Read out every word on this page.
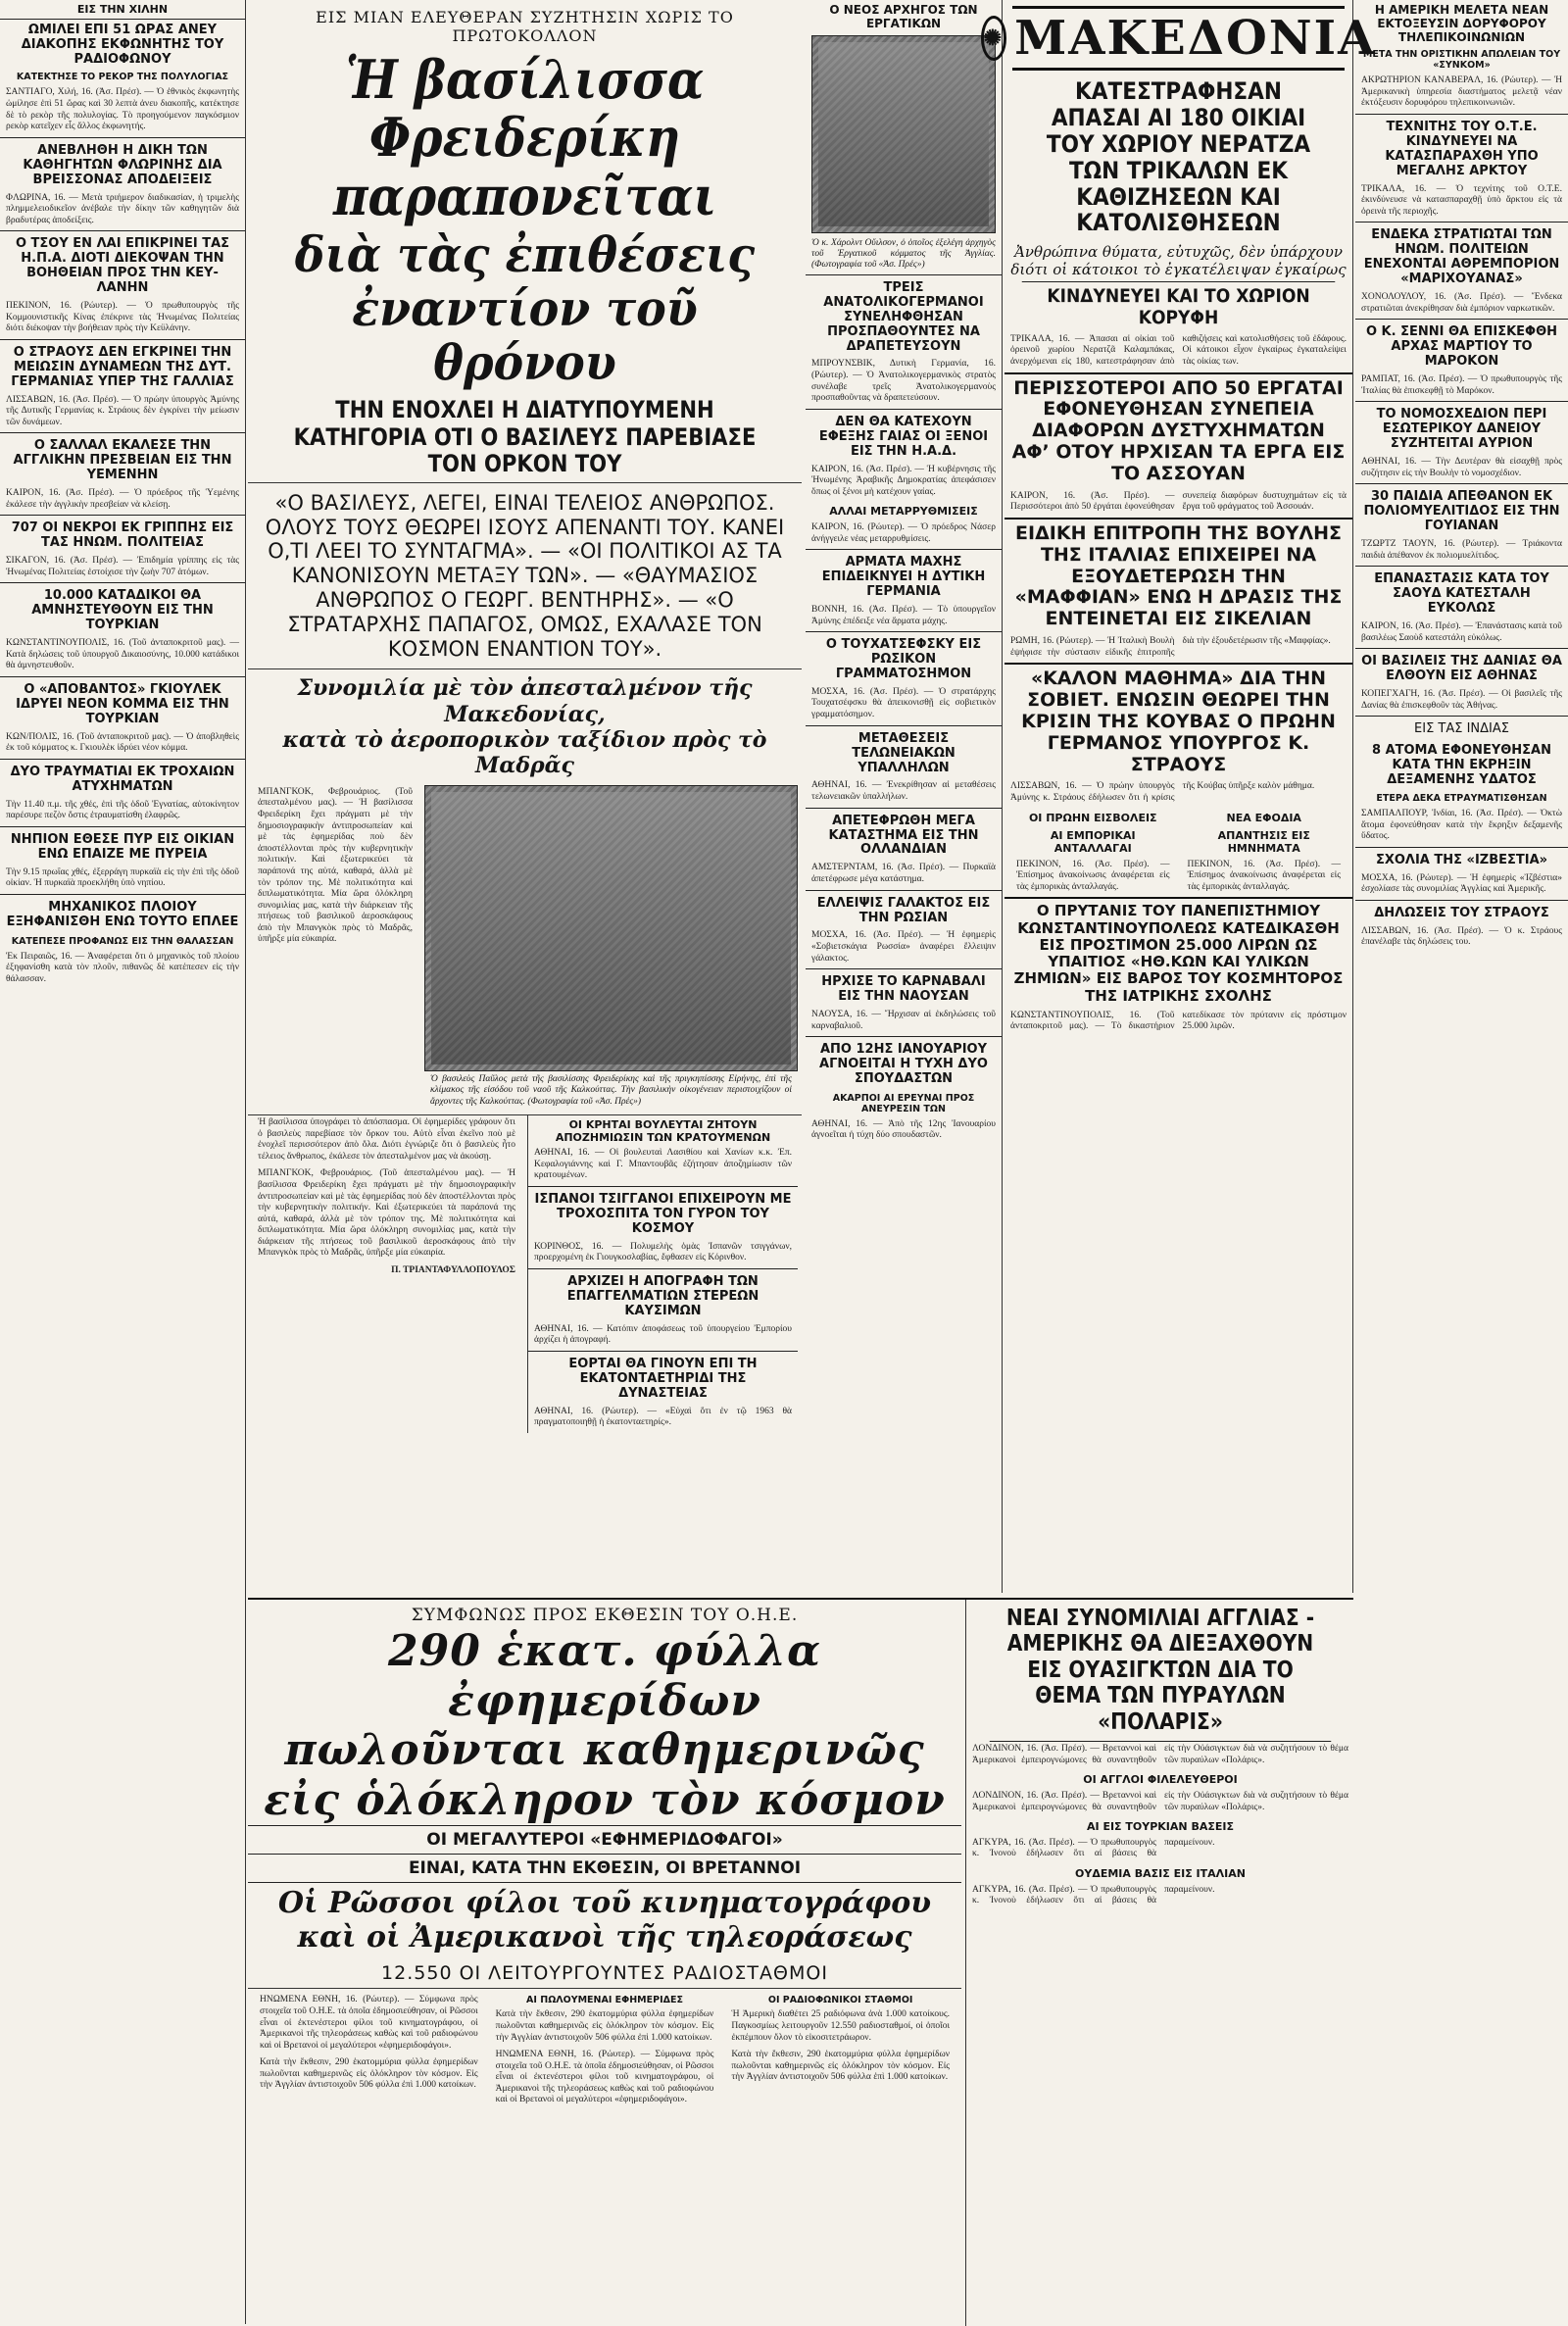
ΕΙΣ ΤΗΝ ΧΙΛΗΝ
ΩΜΙΛΕΙ ΕΠΙ 51 ΩΡΑΣ ΑΝΕΥ ΔΙΑΚΟΠΗΣ ΕΚΦΩΝΗΤΗΣ ΤΟΥ ΡΑΔΙΟΦΩΝΟΥ
ΚΑΤΕΚΤΗΣΕ ΤΟ ΡΕΚΟΡ ΤΗΣ ΠΟΛΥΛΟΓΙΑΣ
ΣΑΝΤΙΑΓΟ, Χιλή, 16. (Ἀσ. Πρέσ). — Ὁ ἐθνικὸς ἐκφωνητὴς ὡμίλησε ἐπὶ 51 ὥρας καὶ 30 λεπτὰ ἀνευ διακοπῆς, κατέκτησε δὲ τὸ ρεκὸρ τῆς πολυλογίας. Τὸ προηγούμενον παγκόσμιον ρεκὸρ κατεῖχεν εἷς ἄλλος ἐκφωνητής.
ΑΝΕΒΛΗΘΗ Η ΔΙΚΗ ΤΩΝ ΚΑΘΗΓΗΤΩΝ ΦΛΩΡΙΝΗΣ ΔΙΑ ΒΡΕΙΣΣΟΝΑΣ ΑΠΟΔΕΙΞΕΙΣ
ΦΛΩΡΙΝΑ, 16. — Μετὰ τριήμερον διαδικασίαν, ἡ τριμελὴς πλημμελειοδικεῖον ἀνέβαλε τὴν δίκην τῶν καθηγητῶν διὰ βραδυτέρας ἀποδείξεις.
Ο ΤΣΟΥ ΕΝ ΛΑΙ ΕΠΙΚΡΙΝΕΙ ΤΑΣ Η.Π.Α. ΔΙΟΤΙ ΔΙΕΚΟΨΑΝ ΤΗΝ ΒΟΗΘΕΙΑΝ ΠΡΟΣ ΤΗΝ ΚΕΥ-ΛΑΝΗΝ
ΠΕΚΙΝΟΝ, 16. (Ρώυτερ). — Ὁ πρωθυπουργὸς τῆς Κομμουνιστικῆς Κίνας ἐπέκρινε τὰς Ἡνωμένας Πολιτείας διότι διέκοψαν τὴν βοήθειαν πρὸς τὴν Κεϋλάνην.
Ο ΣΤΡΑΟΥΣ ΔΕΝ ΕΓΚΡΙΝΕΙ ΤΗΝ ΜΕΙΩΣΙΝ ΔΥΝΑΜΕΩΝ ΤΗΣ ΔΥΤ. ΓΕΡΜΑΝΙΑΣ ΥΠΕΡ ΤΗΣ ΓΑΛΛΙΑΣ
ΛΙΣΣΑΒΩΝ, 16. (Ἀσ. Πρέσ). — Ὁ πρώην ὑπουργὸς Ἀμύνης τῆς Δυτικῆς Γερμανίας κ. Στράους δὲν ἐγκρίνει τὴν μείωσιν τῶν δυνάμεων.
Ο ΣΑΛΛΑΛ ΕΚΑΛΕΣΕ ΤΗΝ ΑΓΓΛΙΚΗΝ ΠΡΕΣΒΕΙΑΝ ΕΙΣ ΤΗΝ ΥΕΜΕΝΗΝ
ΚΑΙΡΟΝ, 16. (Ἀσ. Πρέσ). — Ὁ πρόεδρος τῆς Ὑεμένης ἐκάλεσε τὴν ἀγγλικὴν πρεσβείαν νὰ κλείσῃ.
707 ΟΙ ΝΕΚΡΟΙ ΕΚ ΓΡΙΠΠΗΣ ΕΙΣ ΤΑΣ ΗΝΩΜ. ΠΟΛΙΤΕΙΑΣ
ΣΙΚΑΓΟΝ, 16. (Ἀσ. Πρέσ). — Ἐπιδημία γρίππης εἰς τὰς Ἡνωμένας Πολιτείας ἐστοίχισε τὴν ζωὴν 707 ἀτόμων.
10.000 ΚΑΤΑΔΙΚΟΙ ΘΑ ΑΜΝΗΣΤΕΥΘΟΥΝ ΕΙΣ ΤΗΝ ΤΟΥΡΚΙΑΝ
ΚΩΝΣΤΑΝΤΙΝΟΥΠΟΛΙΣ, 16. (Τοῦ ἀνταποκριτοῦ μας). — Κατὰ δηλώσεις τοῦ ὑπουργοῦ Δικαιοσύνης, 10.000 κατάδικοι θὰ ἀμνηστευθοῦν.
Ο «ΑΠΟΒΑΝΤΟΣ» ΓΚΙΟΥΛΕΚ ΙΔΡΥΕΙ ΝΕΟΝ ΚΟΜΜΑ ΕΙΣ ΤΗΝ ΤΟΥΡΚΙΑΝ
ΚΩΝ/ΠΟΛΙΣ, 16. (Τοῦ ἀνταποκριτοῦ μας). — Ὁ ἀποβληθεὶς ἐκ τοῦ κόμματος κ. Γκιουλὲκ ἱδρύει νέον κόμμα.
ΔΥΟ ΤΡΑΥΜΑΤΙΑΙ ΕΚ ΤΡΟΧΑΙΩΝ ΑΤΥΧΗΜΑΤΩΝ
Τὴν 11.40 π.μ. τῆς χθές, ἐπὶ τῆς ὁδοῦ Ἐγνατίας, αὐτοκίνητον παρέσυρε πεζὸν ὅστις ἐτραυματίσθη ἐλαφρῶς.
ΝΗΠΙΟΝ ΕΘΕΣΕ ΠΥΡ ΕΙΣ ΟΙΚΙΑΝ ΕΝΩ ΕΠΑΙΖΕ ΜΕ ΠΥΡΕΙΑ
Τὴν 9.15 πρωΐας χθές, ἐξερράγη πυρκαϊὰ εἰς τὴν ἐπὶ τῆς ὁδοῦ οἰκίαν. Ἡ πυρκαϊὰ προεκλήθη ὑπὸ νηπίου.
ΜΗΧΑΝΙΚΟΣ ΠΛΟΙΟΥ ΕΞΗΦΑΝΙΣΘΗ ΕΝΩ ΤΟΥΤΟ ΕΠΛΕΕ
ΚΑΤΕΠΕΣΕ ΠΡΟΦΑΝΩΣ ΕΙΣ ΤΗΝ ΘΑΛΑΣΣΑΝ
Ἐκ Πειραιῶς, 16. — Ἀναφέρεται ὅτι ὁ μηχανικὸς τοῦ πλοίου ἐξηφανίσθη κατὰ τὸν πλοῦν, πιθανῶς δὲ κατέπεσεν εἰς τὴν θάλασσαν.
ΕΙΣ ΜΙΑΝ ΕΛΕΥΘΕΡΑΝ ΣΥΖΗΤΗΣΙΝ ΧΩΡΙΣ ΤΟ ΠΡΩΤΟΚΟΛΛΟΝ
Ἡ βασίλισσα Φρειδερίκη παραπονεῖται
διὰ τὰς ἐπιθέσεις ἐναντίον τοῦ θρόνου
ΤΗΝ ΕΝΟΧΛΕΙ Η ΔΙΑΤΥΠΟΥΜΕΝΗ ΚΑΤΗΓΟΡΙΑ ΟΤΙ Ο ΒΑΣΙΛΕΥΣ ΠΑΡΕΒΙΑΣΕ ΤΟΝ ΟΡΚΟΝ ΤΟΥ
«Ο ΒΑΣΙΛΕΥΣ, ΛΕΓΕΙ, ΕΙΝΑΙ ΤΕΛΕΙΟΣ ΑΝΘΡΩΠΟΣ. ΟΛΟΥΣ ΤΟΥΣ ΘΕΩΡΕΙ ΙΣΟΥΣ ΑΠΕΝΑΝΤΙ ΤΟΥ. ΚΑΝΕΙ Ο,ΤΙ ΛΕΕΙ ΤΟ ΣΥΝΤΑΓΜΑ». — «ΟΙ ΠΟΛΙΤΙΚΟΙ ΑΣ ΤΑ ΚΑΝΟΝΙΣΟΥΝ ΜΕΤΑΞΥ ΤΩΝ». — «ΘΑΥΜΑΣΙΟΣ ΑΝΘΡΩΠΟΣ Ο ΓΕΩΡΓ. ΒΕΝΤΗΡΗΣ». — «Ο ΣΤΡΑΤΑΡΧΗΣ ΠΑΠΑΓΟΣ, ΟΜΩΣ, ΕΧΑΛΑΣΕ ΤΟΝ ΚΟΣΜΟΝ ΕΝΑΝΤΙΟΝ ΤΟΥ».
Συνομιλία μὲ τὸν ἀπεσταλμένον τῆς Μακεδονίας,
κατὰ τὸ ἀεροπορικὸν ταξίδιον πρὸς τὸ Μαδρᾶς
ΜΠΑΝΓΚΟΚ, Φεβρουάριος. (Τοῦ ἀπεσταλμένου μας). — Ἡ βασίλισσα Φρειδερίκη ἔχει πράγματι μὲ τὴν δημοσιογραφικὴν ἀντιπροσωπείαν καὶ μὲ τὰς ἐφημερίδας ποὺ δὲν ἀποστέλλονται πρὸς τὴν κυβερνητικὴν πολιτικήν. Καὶ ἐξωτερικεύει τὰ παράπονά της αὐτά, καθαρά, ἀλλὰ μὲ τὸν τρόπον της. Μὲ πολιτικότητα καὶ διπλωματικότητα. Μία ὥρα ὁλόκληρη συνομιλίας μας, κατὰ τὴν διάρκειαν τῆς πτήσεως τοῦ βασιλικοῦ ἀεροσκάφους ἀπὸ τὴν Μπανγκὸκ πρὸς τὸ Μαδρᾶς, ὑπῆρξε μία εὐκαιρία.
Ὁ βασιλεὺς Παῦλος μετὰ τῆς βασιλίσσης Φρειδερίκης καὶ τῆς πριγκηπίσσης Εἰρήνης, ἐπὶ τῆς κλίμακος τῆς εἰσόδου τοῦ ναοῦ τῆς Καλκούττας. Τὴν βασιλικὴν οἰκογένειαν περιστοιχίζουν οἱ ἄρχοντες τῆς Καλκούττας. (Φωτογραφία τοῦ «Ἀσ. Πρές»)
Ἡ βασίλισσα ὑπογράφει τὸ ἀπόσπασμα. Οἱ ἐφημερίδες γράφουν ὅτι ὁ βασιλεὺς παρεβίασε τὸν ὅρκον του. Αὐτὸ εἶναι ἐκεῖνο ποὺ μὲ ἐνοχλεῖ περισσότερον ἀπὸ ὅλα. Διότι ἐγνώριζε ὅτι ὁ βασιλεὺς ἦτο τέλειος ἄνθρωπος, ἐκάλεσε τὸν ἀπεσταλμένον μας νὰ ἀκούσῃ.
ΜΠΑΝΓΚΟΚ, Φεβρουάριος. (Τοῦ ἀπεσταλμένου μας). — Ἡ βασίλισσα Φρειδερίκη ἔχει πράγματι μὲ τὴν δημοσιογραφικὴν ἀντιπροσωπείαν καὶ μὲ τὰς ἐφημερίδας ποὺ δὲν ἀποστέλλονται πρὸς τὴν κυβερνητικὴν πολιτικήν. Καὶ ἐξωτερικεύει τὰ παράπονά της αὐτά, καθαρά, ἀλλὰ μὲ τὸν τρόπον της. Μὲ πολιτικότητα καὶ διπλωματικότητα. Μία ὥρα ὁλόκληρη συνομιλίας μας, κατὰ τὴν διάρκειαν τῆς πτήσεως τοῦ βασιλικοῦ ἀεροσκάφους ἀπὸ τὴν Μπανγκὸκ πρὸς τὸ Μαδρᾶς, ὑπῆρξε μία εὐκαιρία.
Π. ΤΡΙΑΝΤΑΦΥΛΛΟΠΟΥΛΟΣ
ΟΙ ΚΡΗΤΑΙ ΒΟΥΛΕΥΤΑΙ ΖΗΤΟΥΝ ΑΠΟΖΗΜΙΩΣΙΝ ΤΩΝ ΚΡΑΤΟΥΜΕΝΩΝ
ΑΘΗΝΑΙ, 16. — Οἱ βουλευταὶ Λασιθίου καὶ Χανίων κ.κ. Ἐπ. Κεφαλογιάννης καὶ Γ. Μπαντουβᾶς ἐζήτησαν ἀποζημίωσιν τῶν κρατουμένων.
ΙΣΠΑΝΟΙ ΤΣΙΓΓΑΝΟΙ ΕΠΙΧΕΙΡΟΥΝ ΜΕ ΤΡΟΧΟΣΠΙΤΑ ΤΟΝ ΓΥΡΟΝ ΤΟΥ ΚΟΣΜΟΥ
ΚΟΡΙΝΘΟΣ, 16. — Πολυμελὴς ὁμὰς Ἰσπανῶν τσιγγάνων, προερχομένη ἐκ Γιουγκοσλαβίας, ἔφθασεν εἰς Κόρινθον.
ΑΡΧΙΖΕΙ Η ΑΠΟΓΡΑΦΗ ΤΩΝ ΕΠΑΓΓΕΛΜΑΤΙΩΝ ΣΤΕΡΕΩΝ ΚΑΥΣΙΜΩΝ
ΑΘΗΝΑΙ, 16. — Κατόπιν ἀποφάσεως τοῦ ὑπουργείου Ἐμπορίου ἀρχίζει ἡ ἀπογραφή.
ΕΟΡΤΑΙ ΘΑ ΓΙΝΟΥΝ ΕΠΙ ΤΗ ΕΚΑΤΟΝΤΑΕΤΗΡΙΔΙ ΤΗΣ ΔΥΝΑΣΤΕΙΑΣ
ΑΘΗΝΑΙ, 16. (Ρώυτερ). — «Εὐχαὶ ὅτι ἐν τῷ 1963 θὰ πραγματοποιηθῇ ἡ ἐκατονταετηρίς».
Ο ΝΕΟΣ ΑΡΧΗΓΟΣ ΤΩΝ ΕΡΓΑΤΙΚΩΝ
Ὁ κ. Χάρολντ Οὔιλσον, ὁ ὁποῖος ἐξελέγη ἀρχηγὸς τοῦ Ἐργατικοῦ κόμματος τῆς Ἀγγλίας. (Φωτογραφία τοῦ «Ἀσ. Πρές»)
ΤΡΕΙΣ ΑΝΑΤΟΛΙΚΟΓΕΡΜΑΝΟΙ ΣΥΝΕΛΗΦΘΗΣΑΝ ΠΡΟΣΠΑΘΟΥΝΤΕΣ ΝΑ ΔΡΑΠΕΤΕΥΣΟΥΝ
ΜΠΡΟΥΝΣΒΙΚ, Δυτικὴ Γερμανία, 16. (Ρώυτερ). — Ὁ Ἀνατολικογερμανικὸς στρατὸς συνέλαβε τρεῖς Ἀνατολικογερμανοὺς προσπαθοῦντας νὰ δραπετεύσουν.
ΔΕΝ ΘΑ ΚΑΤΕΧΟΥΝ ΕΦΕΞΗΣ ΓΑΙΑΣ ΟΙ ΞΕΝΟΙ ΕΙΣ ΤΗΝ Η.Α.Δ.
ΚΑΙΡΟΝ, 16. (Ἀσ. Πρέσ). — Ἡ κυβέρνησις τῆς Ἡνωμένης Ἀραβικῆς Δημοκρατίας ἀπεφάσισεν ὅπως οἱ ξένοι μὴ κατέχουν γαίας.
ΑΛΛΑΙ ΜΕΤΑΡΡΥΘΜΙΣΕΙΣ
ΚΑΙΡΟΝ, 16. (Ρώυτερ). — Ὁ πρόεδρος Νάσερ ἀνήγγειλε νέας μεταρρυθμίσεις.
ΑΡΜΑΤΑ ΜΑΧΗΣ ΕΠΙΔΕΙΚΝΥΕΙ Η ΔΥΤΙΚΗ ΓΕΡΜΑΝΙΑ
ΒΟΝΝΗ, 16. (Ἀσ. Πρέσ). — Τὸ ὑπουργεῖον Ἀμύνης ἐπέδειξε νέα ἅρματα μάχης.
Ο ΤΟΥΧΑΤΣΕΦΣΚΥ ΕΙΣ ΡΩΣΙΚΟΝ ΓΡΑΜΜΑΤΟΣΗΜΟΝ
ΜΟΣΧΑ, 16. (Ἀσ. Πρέσ). — Ὁ στρατάρχης Τουχατσέφσκυ θὰ ἀπεικονισθῇ εἰς σοβιετικὸν γραμματόσημον.
ΜΕΤΑΘΕΣΕΙΣ ΤΕΛΩΝΕΙΑΚΩΝ ΥΠΑΛΛΗΛΩΝ
ΑΘΗΝΑΙ, 16. — Ἐνεκρίθησαν αἱ μεταθέσεις τελωνειακῶν ὑπαλλήλων.
ΑΠΕΤΕΦΡΩΘΗ ΜΕΓΑ ΚΑΤΑΣΤΗΜΑ ΕΙΣ ΤΗΝ ΟΛΛΑΝΔΙΑΝ
ΑΜΣΤΕΡΝΤΑΜ, 16. (Ἀσ. Πρέσ). — Πυρκαϊὰ ἀπετέφρωσε μέγα κατάστημα.
ΕΛΛΕΙΨΙΣ ΓΑΛΑΚΤΟΣ ΕΙΣ ΤΗΝ ΡΩΣΙΑΝ
ΜΟΣΧΑ, 16. (Ἀσ. Πρέσ). — Ἡ ἐφημερὶς «Σοβιετσκάγια Ρωσσία» ἀναφέρει ἔλλειψιν γάλακτος.
ΗΡΧΙΣΕ ΤΟ ΚΑΡΝΑΒΑΛΙ ΕΙΣ ΤΗΝ ΝΑΟΥΣΑΝ
ΝΑΟΥΣΑ, 16. — Ἤρχισαν αἱ ἐκδηλώσεις τοῦ καρναβαλιοῦ.
ΑΠΟ 12ΗΣ ΙΑΝΟΥΑΡΙΟΥ ΑΓΝΟΕΙΤΑΙ Η ΤΥΧΗ ΔΥΟ ΣΠΟΥΔΑΣΤΩΝ
ΑΚΑΡΠΟΙ ΑΙ ΕΡΕΥΝΑΙ ΠΡΟΣ ΑΝΕΥΡΕΣΙΝ ΤΩΝ
ΑΘΗΝΑΙ, 16. — Ἀπὸ τῆς 12ης Ἰανουαρίου ἀγνοεῖται ἡ τύχη δύο σπουδαστῶν.
✺ ΜΑΚΕΔΟΝΙΑ
ΚΑΤΕΣΤΡΑΦΗΣΑΝ ΑΠΑΣΑΙ ΑΙ 180 ΟΙΚΙΑΙ ΤΟΥ ΧΩΡΙΟΥ ΝΕΡΑΤΖΑ ΤΩΝ ΤΡΙΚΑΛΩΝ ΕΚ ΚΑΘΙΖΗΣΕΩΝ ΚΑΙ ΚΑΤΟΛΙΣΘΗΣΕΩΝ
Ἀνθρώπινα θύματα, εὐτυχῶς, δὲν ὑπάρχουν διότι οἱ κάτοικοι τὸ ἐγκατέλειψαν ἐγκαίρως
ΚΙΝΔΥΝΕΥΕΙ ΚΑΙ ΤΟ ΧΩΡΙΟΝ ΚΟΡΥΦΗ
ΤΡΙΚΑΛΑ, 16. — Ἀπασαι αἱ οἰκίαι τοῦ ὀρεινοῦ χωρίου Νερατζᾶ Καλαμπάκας, ἀνερχόμεναι εἰς 180, κατεστράφησαν ἀπὸ καθιζήσεις καὶ κατολισθήσεις τοῦ ἐδάφους. Οἱ κάτοικοι εἶχον ἐγκαίρως ἐγκαταλείψει τὰς οἰκίας των.
ΠΕΡΙΣΣΟΤΕΡΟΙ ΑΠΟ 50 ΕΡΓΑΤΑΙ ΕΦΟΝΕΥΘΗΣΑΝ ΣΥΝΕΠΕΙΑ ΔΙΑΦΟΡΩΝ ΔΥΣΤΥΧΗΜΑΤΩΝ ΑΦ’ ΟΤΟΥ ΗΡΧΙΣΑΝ ΤΑ ΕΡΓΑ ΕΙΣ ΤΟ ΑΣΣΟΥΑΝ
ΚΑΙΡΟΝ, 16. (Ἀσ. Πρέσ). — Περισσότεροι ἀπὸ 50 ἐργάται ἐφονεύθησαν συνεπείᾳ διαφόρων δυστυχημάτων εἰς τὰ ἔργα τοῦ φράγματος τοῦ Ἀσσουάν.
ΕΙΔΙΚΗ ΕΠΙΤΡΟΠΗ ΤΗΣ ΒΟΥΛΗΣ ΤΗΣ ΙΤΑΛΙΑΣ ΕΠΙΧΕΙΡΕΙ ΝΑ ΕΞΟΥΔΕΤΕΡΩΣΗ ΤΗΝ «ΜΑΦΦΙΑΝ» ΕΝΩ Η ΔΡΑΣΙΣ ΤΗΣ ΕΝΤΕΙΝΕΤΑΙ ΕΙΣ ΣΙΚΕΛΙΑΝ
ΡΩΜΗ, 16. (Ρώυτερ). — Ἡ Ἰταλικὴ Βουλὴ ἐψήφισε τὴν σύστασιν εἰδικῆς ἐπιτροπῆς διὰ τὴν ἐξουδετέρωσιν τῆς «Μαφφίας».
«ΚΑΛΟΝ ΜΑΘΗΜΑ» ΔΙΑ ΤΗΝ ΣΟΒΙΕΤ. ΕΝΩΣΙΝ ΘΕΩΡΕΙ ΤΗΝ ΚΡΙΣΙΝ ΤΗΣ ΚΟΥΒΑΣ Ο ΠΡΩΗΝ ΓΕΡΜΑΝΟΣ ΥΠΟΥΡΓΟΣ Κ. ΣΤΡΑΟΥΣ
ΛΙΣΣΑΒΩΝ, 16. — Ὁ πρώην ὑπουργὸς Ἀμύνης κ. Στράους ἐδήλωσεν ὅτι ἡ κρίσις τῆς Κούβας ὑπῆρξε καλὸν μάθημα.
ΟΙ ΠΡΩΗΝ ΕΙΣΒΟΛΕΙΣ
ΑΙ ΕΜΠΟΡΙΚΑΙ ΑΝΤΑΛΛΑΓΑΙ
ΠΕΚΙΝΟΝ, 16. (Ἀσ. Πρέσ). — Ἐπίσημος ἀνακοίνωσις ἀναφέρεται εἰς τὰς ἐμπορικὰς ἀνταλλαγάς.
ΝΕΑ ΕΦΟΔΙΑ
ΑΠΑΝΤΗΣΙΣ ΕΙΣ ΗΜΝΗΜΑΤΑ
ΠΕΚΙΝΟΝ, 16. (Ἀσ. Πρέσ). — Ἐπίσημος ἀνακοίνωσις ἀναφέρεται εἰς τὰς ἐμπορικὰς ἀνταλλαγάς.
Ο ΠΡΥΤΑΝΙΣ ΤΟΥ ΠΑΝΕΠΙΣΤΗΜΙΟΥ ΚΩΝΣΤΑΝΤΙΝΟΥΠΟΛΕΩΣ ΚΑΤΕΔΙΚΑΣΘΗ ΕΙΣ ΠΡΟΣΤΙΜΟΝ 25.000 ΛΙΡΩΝ ΩΣ ΥΠΑΙΤΙΟΣ «ΗΘ.ΚΩΝ ΚΑΙ ΥΛΙΚΩΝ ΖΗΜΙΩΝ» ΕΙΣ ΒΑΡΟΣ ΤΟΥ ΚΟΣΜΗΤΟΡΟΣ ΤΗΣ ΙΑΤΡΙΚΗΣ ΣΧΟΛΗΣ
ΚΩΝΣΤΑΝΤΙΝΟΥΠΟΛΙΣ, 16. (Τοῦ ἀνταποκριτοῦ μας). — Τὸ δικαστήριον κατεδίκασε τὸν πρύτανιν εἰς πρόστιμον 25.000 λιρῶν.
Η ΑΜΕΡΙΚΗ ΜΕΛΕΤΑ ΝΕΑΝ ΕΚΤΟΞΕΥΣΙΝ ΔΟΡΥΦΟΡΟΥ ΤΗΛΕΠΙΚΟΙΝΩΝΙΩΝ
ΜΕΤΑ ΤΗΝ ΟΡΙΣΤΙΚΗΝ ΑΠΩΛΕΙΑΝ ΤΟΥ «ΣΥΝΚΟΜ»
ΑΚΡΩΤΗΡΙΟΝ ΚΑΝΑΒΕΡΑΛ, 16. (Ρώυτερ). — Ἡ Ἀμερικανικὴ ὑπηρεσία διαστήματος μελετᾷ νέαν ἐκτόξευσιν δορυφόρου τηλεπικοινωνιῶν.
ΤΕΧΝΙΤΗΣ ΤΟΥ Ο.Τ.Ε. ΚΙΝΔΥΝΕΥΕΙ ΝΑ ΚΑΤΑΣΠΑΡΑΧΘΗ ΥΠΟ ΜΕΓΑΛΗΣ ΑΡΚΤΟΥ
ΤΡΙΚΑΛΑ, 16. — Ὁ τεχνίτης τοῦ Ο.Τ.Ε. ἐκινδύνευσε νὰ κατασπαραχθῇ ὑπὸ ἄρκτου εἰς τὰ ὀρεινὰ τῆς περιοχῆς.
ΕΝΔΕΚΑ ΣΤΡΑΤΙΩΤΑΙ ΤΩΝ ΗΝΩΜ. ΠΟΛΙΤΕΙΩΝ ΕΝΕΧΟΝΤΑΙ ΑΘΡΕΜΠΟΡΙΟΝ «ΜΑΡΙΧΟΥΑΝΑΣ»
ΧΟΝΟΛΟΥΛΟΥ, 16. (Ἀσ. Πρέσ). — Ἕνδεκα στρατιῶται ἀνεκρίθησαν διὰ ἐμπόριον ναρκωτικῶν.
Ο Κ. ΣΕΝΝΙ ΘΑ ΕΠΙΣΚΕΦΘΗ ΑΡΧΑΣ ΜΑΡΤΙΟΥ ΤΟ ΜΑΡΟΚΟΝ
ΡΑΜΠΑΤ, 16. (Ἀσ. Πρέσ). — Ὁ πρωθυπουργὸς τῆς Ἰταλίας θὰ ἐπισκεφθῇ τὸ Μαρόκον.
ΤΟ ΝΟΜΟΣΧΕΔΙΟΝ ΠΕΡΙ ΕΣΩΤΕΡΙΚΟΥ ΔΑΝΕΙΟΥ ΣΥΖΗΤΕΙΤΑΙ ΑΥΡΙΟΝ
ΑΘΗΝΑΙ, 16. — Τὴν Δευτέραν θὰ εἰσαχθῇ πρὸς συζήτησιν εἰς τὴν Βουλὴν τὸ νομοσχέδιον.
30 ΠΑΙΔΙΑ ΑΠΕΘΑΝΟΝ ΕΚ ΠΟΛΙΟΜΥΕΛΙΤΙΔΟΣ ΕΙΣ ΤΗΝ ΓΟΥΙΑΝΑΝ
ΤΖΩΡΤΖ ΤΑΟΥΝ, 16. (Ρώυτερ). — Τριάκοντα παιδιὰ ἀπέθανον ἐκ πολιομυελίτιδος.
ΕΠΑΝΑΣΤΑΣΙΣ ΚΑΤΑ ΤΟΥ ΣΑΟΥΔ ΚΑΤΕΣΤΑΛΗ ΕΥΚΟΛΩΣ
ΚΑΙΡΟΝ, 16. (Ἀσ. Πρέσ). — Ἐπανάστασις κατὰ τοῦ βασιλέως Σαοὺδ κατεστάλη εὐκόλως.
ΟΙ ΒΑΣΙΛΕΙΣ ΤΗΣ ΔΑΝΙΑΣ ΘΑ ΕΛΘΟΥΝ ΕΙΣ ΑΘΗΝΑΣ
ΚΟΠΕΓΧΑΓΗ, 16. (Ἀσ. Πρέσ). — Οἱ βασιλεῖς τῆς Δανίας θὰ ἐπισκεφθοῦν τὰς Ἀθήνας.
ΕΙΣ ΤΑΣ ΙΝΔΙΑΣ
8 ΑΤΟΜΑ ΕΦΟΝΕΥΘΗΣΑΝ ΚΑΤΑ ΤΗΝ ΕΚΡΗΞΙΝ ΔΕΞΑΜΕΝΗΣ ΥΔΑΤΟΣ
ΕΤΕΡΑ ΔΕΚΑ ΕΤΡΑΥΜΑΤΙΣΘΗΣΑΝ
ΣΑΜΠΑΛΠΟΥΡ, Ἰνδίαι, 16. (Ἀσ. Πρέσ). — Ὀκτὼ ἄτομα ἐφονεύθησαν κατὰ τὴν ἔκρηξιν δεξαμενῆς ὕδατος.
ΣΧΟΛΙΑ ΤΗΣ «ΙΖΒΕΣΤΙΑ»
ΜΟΣΧΑ, 16. (Ρώυτερ). — Ἡ ἐφημερὶς «Ἰζβέστια» ἐσχολίασε τὰς συνομιλίας Ἀγγλίας καὶ Ἀμερικῆς.
ΔΗΛΩΣΕΙΣ ΤΟΥ ΣΤΡΑΟΥΣ
ΛΙΣΣΑΒΩΝ, 16. (Ἀσ. Πρέσ). — Ὁ κ. Στράους ἐπανέλαβε τὰς δηλώσεις του.
ΣΥΜΦΩΝΩΣ ΠΡΟΣ ΕΚΘΕΣΙΝ ΤΟΥ Ο.Η.Ε.
290 ἑκατ. φύλλα ἐφημερίδων
πωλοῦνται καθημερινῶς
εἰς ὁλόκληρον τὸν κόσμον
ΟΙ ΜΕΓΑΛΥΤΕΡΟΙ «ΕΦΗΜΕΡΙΔΟΦΑΓΟΙ»
ΕΙΝΑΙ, ΚΑΤΑ ΤΗΝ ΕΚΘΕΣΙΝ, ΟΙ ΒΡΕΤΑΝΝΟΙ
Οἱ Ρῶσσοι φίλοι τοῦ κινηματογράφου
καὶ οἱ Ἀμερικανοὶ τῆς τηλεοράσεως
12.550 ΟΙ ΛΕΙΤΟΥΡΓΟΥΝΤΕΣ ΡΑΔΙΟΣΤΑΘΜΟΙ
ΗΝΩΜΕΝΑ ΕΘΝΗ, 16. (Ρώυτερ). — Σύμφωνα πρὸς στοιχεῖα τοῦ Ο.Η.Ε. τὰ ὁποῖα ἐδημοσιεύθησαν, οἱ Ρῶσσοι εἶναι οἱ ἐκτενέστεροι φίλοι τοῦ κινηματογράφου, οἱ Ἀμερικανοὶ τῆς τηλεοράσεως καθὼς καὶ τοῦ ραδιοφώνου καὶ οἱ Βρετανοὶ οἱ μεγαλύτεροι «ἐφημεριδοφάγοι».
Κατὰ τὴν ἔκθεσιν, 290 ἑκατομμύρια φύλλα ἐφημερίδων πωλοῦνται καθημερινῶς εἰς ὁλόκληρον τὸν κόσμον. Εἰς τὴν Ἀγγλίαν ἀντιστοιχοῦν 506 φύλλα ἐπὶ 1.000 κατοίκων.
ΑΙ ΠΩΛΟΥΜΕΝΑΙ ΕΦΗΜΕΡΙΔΕΣ
Κατὰ τὴν ἔκθεσιν, 290 ἑκατομμύρια φύλλα ἐφημερίδων πωλοῦνται καθημερινῶς εἰς ὁλόκληρον τὸν κόσμον. Εἰς τὴν Ἀγγλίαν ἀντιστοιχοῦν 506 φύλλα ἐπὶ 1.000 κατοίκων.
ΗΝΩΜΕΝΑ ΕΘΝΗ, 16. (Ρώυτερ). — Σύμφωνα πρὸς στοιχεῖα τοῦ Ο.Η.Ε. τὰ ὁποῖα ἐδημοσιεύθησαν, οἱ Ρῶσσοι εἶναι οἱ ἐκτενέστεροι φίλοι τοῦ κινηματογράφου, οἱ Ἀμερικανοὶ τῆς τηλεοράσεως καθὼς καὶ τοῦ ραδιοφώνου καὶ οἱ Βρετανοὶ οἱ μεγαλύτεροι «ἐφημεριδοφάγοι».
ΟΙ ΡΑΔΙΟΦΩΝΙΚΟΙ ΣΤΑΘΜΟΙ
Ἡ Ἀμερικὴ διαθέτει 25 ραδιόφωνα ἀνὰ 1.000 κατοίκους. Παγκοσμίως λειτουργοῦν 12.550 ραδιοσταθμοί, οἱ ὁποῖοι ἐκπέμπουν ὅλον τὸ εἰκοσιτετράωρον.
Κατὰ τὴν ἔκθεσιν, 290 ἑκατομμύρια φύλλα ἐφημερίδων πωλοῦνται καθημερινῶς εἰς ὁλόκληρον τὸν κόσμον. Εἰς τὴν Ἀγγλίαν ἀντιστοιχοῦν 506 φύλλα ἐπὶ 1.000 κατοίκων.
ΝΕΑΙ ΣΥΝΟΜΙΛΙΑΙ ΑΓΓΛΙΑΣ - ΑΜΕΡΙΚΗΣ ΘΑ ΔΙΕΞΑΧΘΟΥΝ ΕΙΣ ΟΥΑΣΙΓΚΤΩΝ ΔΙΑ ΤΟ ΘΕΜΑ ΤΩΝ ΠΥΡΑΥΛΩΝ «ΠΟΛΑΡΙΣ»
ΛΟΝΔΙΝΟΝ, 16. (Ἀσ. Πρέσ). — Βρεταννοὶ καὶ Ἀμερικανοὶ ἐμπειρογνώμονες θὰ συναντηθοῦν εἰς τὴν Οὐάσιγκτων διὰ νὰ συζητήσουν τὸ θέμα τῶν πυραύλων «Πολάρις».
ΟΙ ΑΓΓΛΟΙ ΦΙΛΕΛΕΥΘΕΡΟΙ
ΛΟΝΔΙΝΟΝ, 16. (Ἀσ. Πρέσ). — Βρεταννοὶ καὶ Ἀμερικανοὶ ἐμπειρογνώμονες θὰ συναντηθοῦν εἰς τὴν Οὐάσιγκτων διὰ νὰ συζητήσουν τὸ θέμα τῶν πυραύλων «Πολάρις».
ΑΙ ΕΙΣ ΤΟΥΡΚΙΑΝ ΒΑΣΕΙΣ
ΑΓΚΥΡΑ, 16. (Ἀσ. Πρέσ). — Ὁ πρωθυπουργὸς κ. Ἰνονοὺ ἐδήλωσεν ὅτι αἱ βάσεις θὰ παραμείνουν.
ΟΥΔΕΜΙΑ ΒΑΣΙΣ ΕΙΣ ΙΤΑΛΙΑΝ
ΑΓΚΥΡΑ, 16. (Ἀσ. Πρέσ). — Ὁ πρωθυπουργὸς κ. Ἰνονοὺ ἐδήλωσεν ὅτι αἱ βάσεις θὰ παραμείνουν.
